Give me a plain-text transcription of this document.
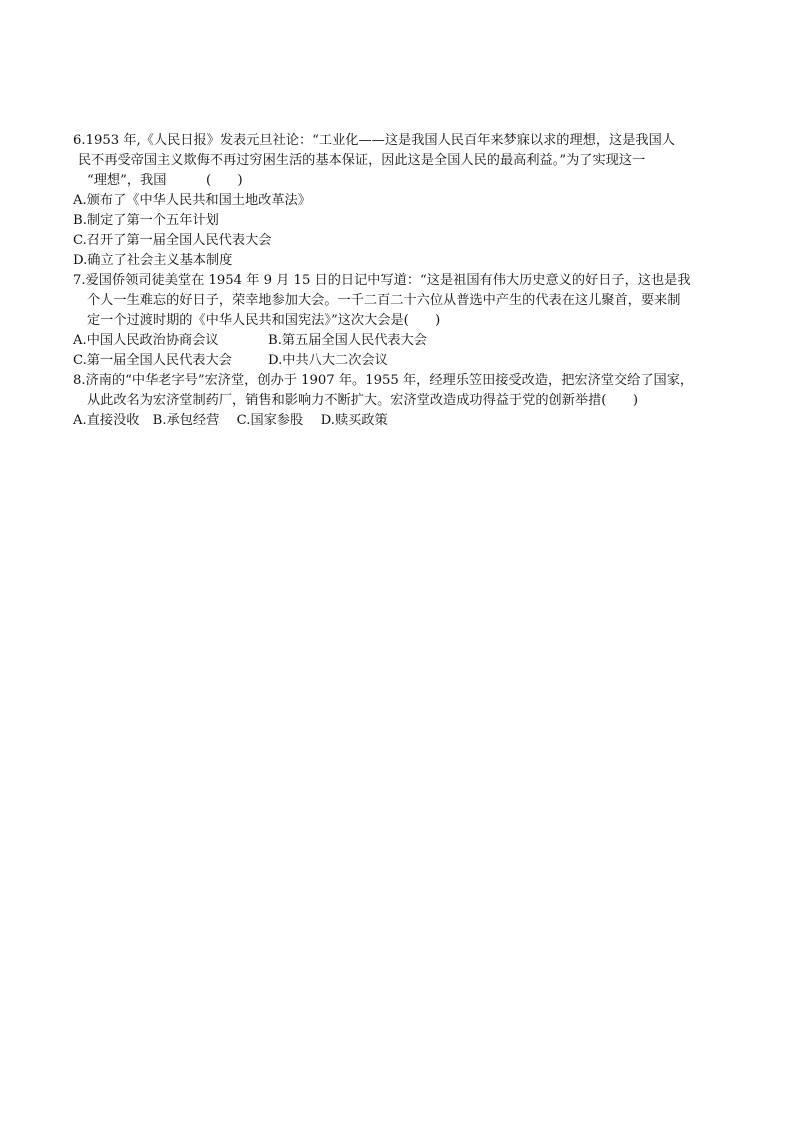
6.1953 年,《人民日报》发表元旦社论：“工业化——这是我国人民百年来梦寐以求的理想，这是我国人
民不再受帝国主义欺侮不再过穷困生活的基本保证，因此这是全国人民的最高利益。”为了实现这一
“理想”，我国　　　(　　)
A.颁布了《中华人民共和国土地改革法》
B.制定了第一个五年计划
C.召开了第一届全国人民代表大会
D.确立了社会主义基本制度
7.爱国侨领司徒美堂在 1954 年 9 月 15 日的日记中写道：“这是祖国有伟大历史意义的好日子，这也是我
个人一生难忘的好日子，荣幸地参加大会。一千二百二十六位从普选中产生的代表在这儿聚首，要来制
定一个过渡时期的《中华人民共和国宪法》”这次大会是(　　)
A.中国人民政治协商会议	B.第五届全国人民代表大会
C.第一届全国人民代表大会	D.中共八大二次会议
8.济南的“中华老字号”宏济堂，创办于 1907 年。1955 年，经理乐笠田接受改造，把宏济堂交给了国家，
从此改名为宏济堂制药厂，销售和影响力不断扩大。宏济堂改造成功得益于党的创新举措(　　)
A.直接没收　B.承包经营　 C.国家参股　 D.赎买政策
